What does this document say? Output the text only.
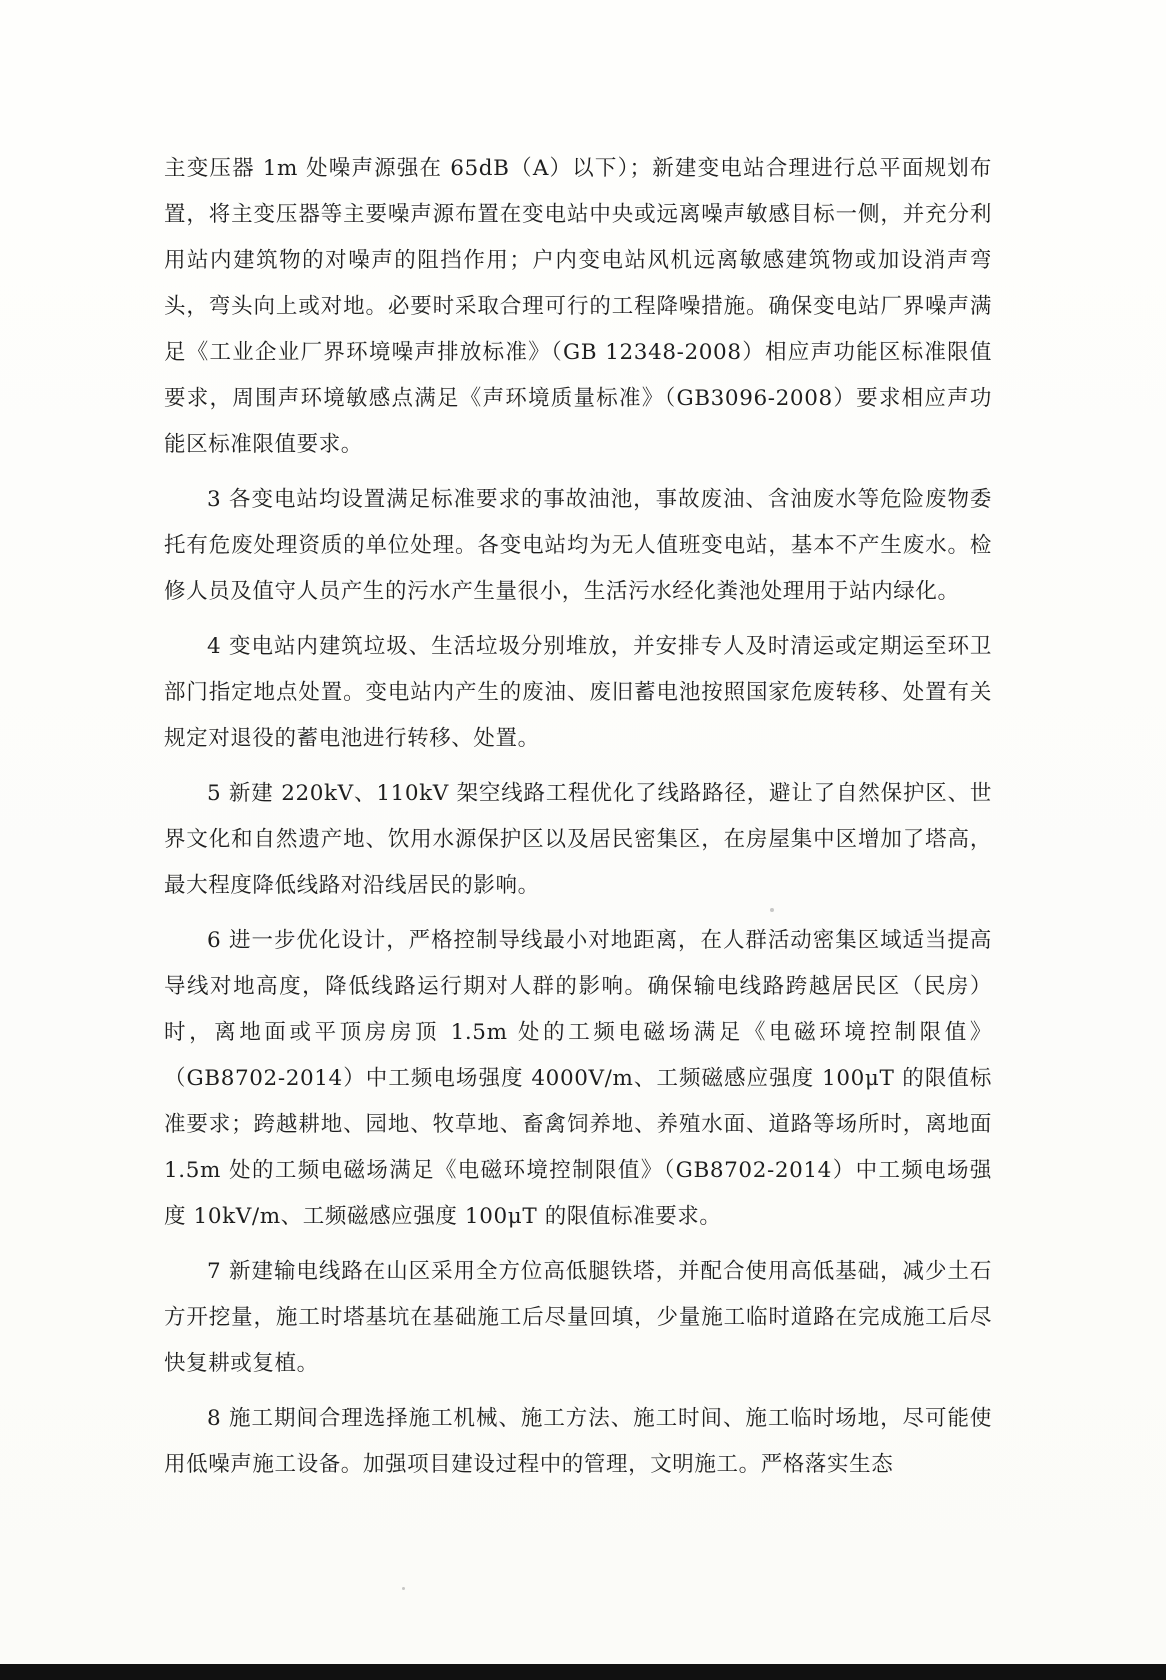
主变压器 1m 处噪声源强在 65dB（A）以下）；新建变电站合理进行总平面规划布置，将主变压器等主要噪声源布置在变电站中央或远离噪声敏感目标一侧，并充分利用站内建筑物的对噪声的阻挡作用；户内变电站风机远离敏感建筑物或加设消声弯头，弯头向上或对地。必要时采取合理可行的工程降噪措施。确保变电站厂界噪声满足《工业企业厂界环境噪声排放标准》（GB 12348-2008）相应声功能区标准限值要求，周围声环境敏感点满足《声环境质量标准》（GB3096-2008）要求相应声功能区标准限值要求。

3 各变电站均设置满足标准要求的事故油池，事故废油、含油废水等危险废物委托有危废处理资质的单位处理。各变电站均为无人值班变电站，基本不产生废水。检修人员及值守人员产生的污水产生量很小，生活污水经化粪池处理用于站内绿化。

4 变电站内建筑垃圾、生活垃圾分别堆放，并安排专人及时清运或定期运至环卫部门指定地点处置。变电站内产生的废油、废旧蓄电池按照国家危废转移、处置有关规定对退役的蓄电池进行转移、处置。

5 新建 220kV、110kV 架空线路工程优化了线路路径，避让了自然保护区、世界文化和自然遗产地、饮用水源保护区以及居民密集区，在房屋集中区增加了塔高，最大程度降低线路对沿线居民的影响。

6 进一步优化设计，严格控制导线最小对地距离，在人群活动密集区域适当提高导线对地高度，降低线路运行期对人群的影响。确保输电线路跨越居民区（民房）时，离地面或平顶房房顶 1.5m 处的工频电磁场满足《电磁环境控制限值》（GB8702-2014）中工频电场强度 4000V/m、工频磁感应强度 100μT 的限值标准要求；跨越耕地、园地、牧草地、畜禽饲养地、养殖水面、道路等场所时，离地面 1.5m 处的工频电磁场满足《电磁环境控制限值》（GB8702-2014）中工频电场强度 10kV/m、工频磁感应强度 100μT 的限值标准要求。

7 新建输电线路在山区采用全方位高低腿铁塔，并配合使用高低基础，减少土石方开挖量，施工时塔基坑在基础施工后尽量回填，少量施工临时道路在完成施工后尽快复耕或复植。

8 施工期间合理选择施工机械、施工方法、施工时间、施工临时场地，尽可能使用低噪声施工设备。加强项目建设过程中的管理，文明施工。严格落实生态
